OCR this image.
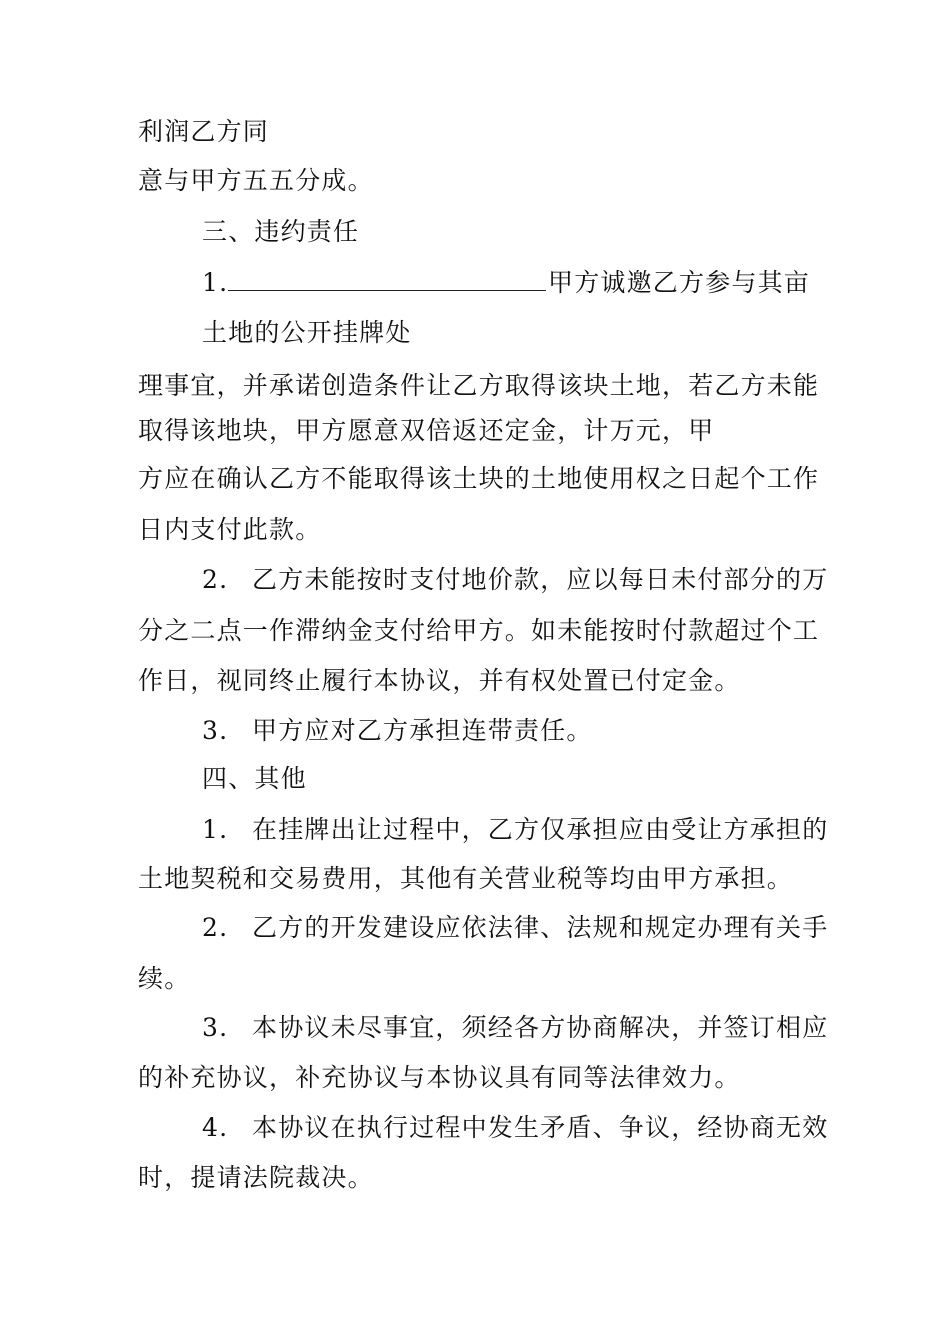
利润乙方同
意与甲方五五分成。
三、违约责任
1.	甲方诚邀乙方参与其亩
土地的公开挂牌处
理事宜，并承诺创造条件让乙方取得该块土地，若乙方未能
取得该地块，甲方愿意双倍返还定金，计万元，甲
方应在确认乙方不能取得该土块的土地使用权之日起个工作
日内支付此款。
2. 乙方未能按时支付地价款，应以每日未付部分的万
分之二点一作滞纳金支付给甲方。如未能按时付款超过个工
作日，视同终止履行本协议，并有权处置已付定金。
3. 甲方应对乙方承担连带责任。
四、其他
1. 在挂牌出让过程中，乙方仅承担应由受让方承担的
土地契税和交易费用，其他有关营业税等均由甲方承担。
2. 乙方的开发建设应依法律、法规和规定办理有关手
续。
3. 本协议未尽事宜，须经各方协商解决，并签订相应
的补充协议，补充协议与本协议具有同等法律效力。
4. 本协议在执行过程中发生矛盾、争议，经协商无效
时，提请法院裁决。
